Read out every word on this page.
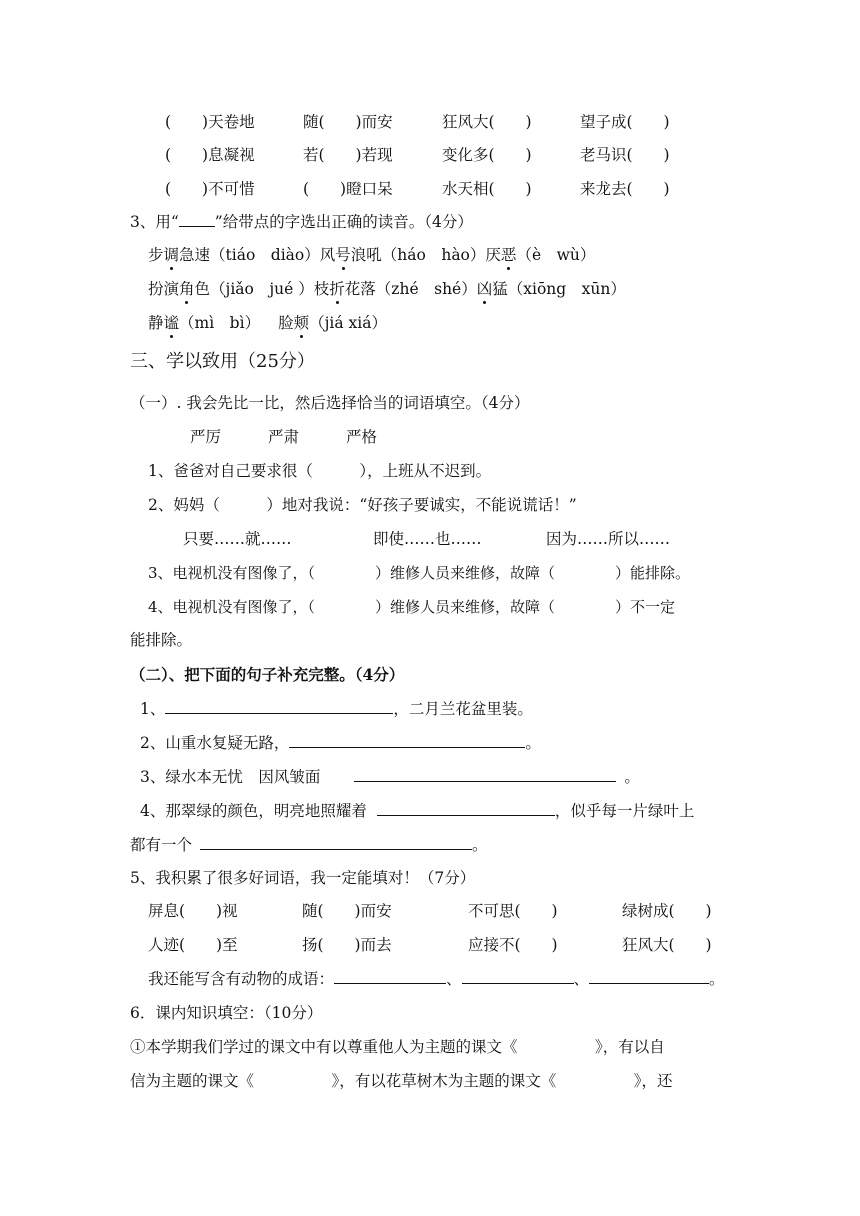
(　　)天卷地	随(　　)而安	狂风大(　　)	望子成(　　)
(　　)息凝视	若(　　)若现	变化多(　　)	老马识(　　)
(　　)不可惜	(　　)瞪口呆	水天相(　　)	来龙去(　　)
3、用“ ”给带点的字选出正确的读音。（4分）
步调急速（tiáo　diào）风号浪吼（háo　hào）厌恶（è　wù）
扮演角色（jiǎo　jué ）枝折花落（zhé　shé）凶猛（xiōng　xūn）
静谧（mì　bì） 脸颊（jiá xiá）
三、学以致用（25分）
（一）. 我会先比一比，然后选择恰当的词语填空。（4分）
严厉	严肃	严格
1、爸爸对自己要求很（　　　），上班从不迟到。
2、妈妈（　　　）地对我说：“好孩子要诚实，不能说谎话！”
只要……就……	即使……也……	因为……所以……
3、电视机没有图像了，（　　　　）维修人员来维修，故障（　　　　）能排除。
4、电视机没有图像了，（　　　　）维修人员来维修，故障（　　　　）不一定
能排除。
（二）、把下面的句子补充完整。（4分）
1、	，二月兰花盆里装。
2、山重水复疑无路，	。
3、绿水本无忧　因风皱面	。
4、那翠绿的颜色，明亮地照耀着	，似乎每一片绿叶上
都有一个	。
5、我积累了很多好词语，我一定能填对！（7分）
屏息(　　)视	随(　　)而安	不可思(　　)	绿树成(　　)
人迹(　　)至	扬(　　)而去	应接不(　　)	狂风大(　　)
我还能写含有动物的成语：	、	、	。
6．课内知识填空：（10分）
①本学期我们学过的课文中有以尊重他人为主题的课文《　　　　　》，有以自
信为主题的课文《　　　　　》，有以花草树木为主题的课文《　　　　　》，还
